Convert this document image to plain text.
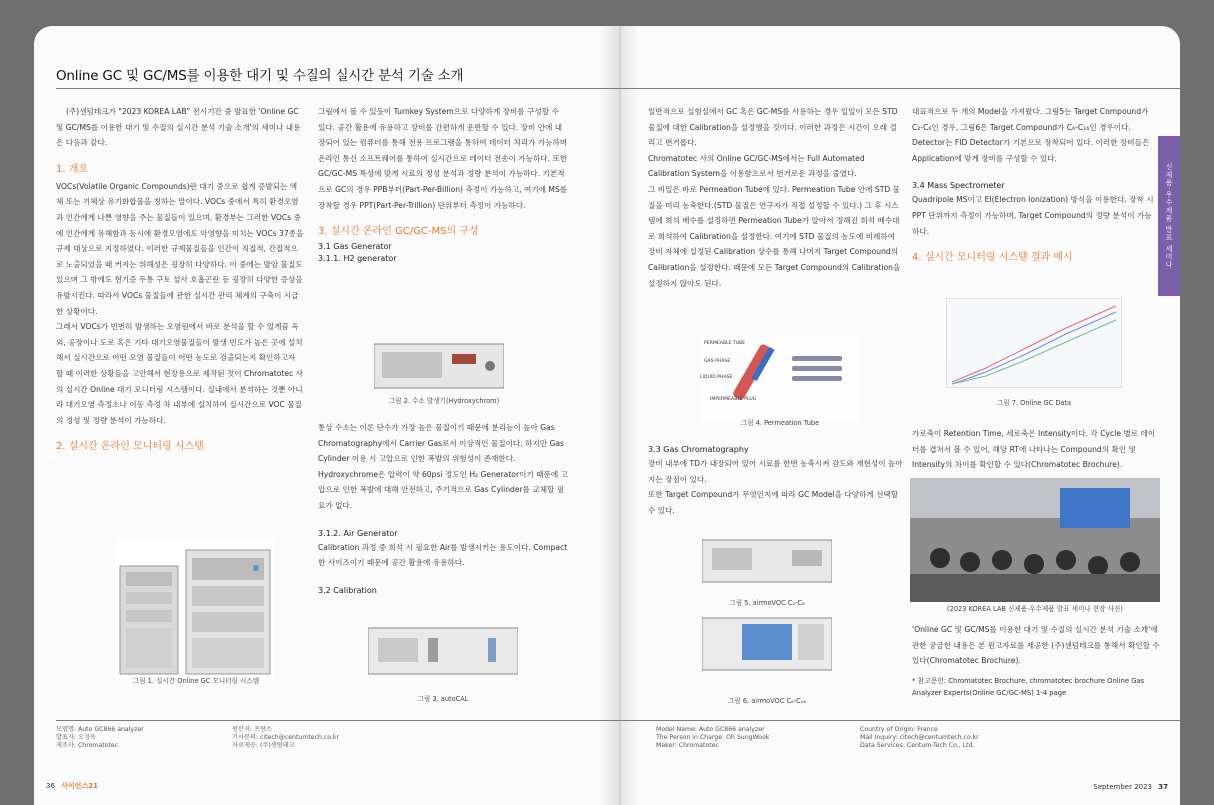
Online GC 및 GC/MS를 이용한 대기 및 수질의 실시간 분석 기술 소개

(주)센텀테크가 "2023 KOREA LAB" 전시기간 중 발표한 'Online GC 및 GC/MS를 이용한 대기 및 수질의 실시간 분석 기술 소개'의 세미나 내용은 다음과 같다.

1. 개요

VOCs(Volatile Organic Compounds)란 대기 중으로 쉽게 증발되는 액체 또는 기체상 유기화합물을 칭하는 말이다. VOCs 중에서 특히 환경오염과 인간에게 나쁜 영향을 주는 물질들이 있으며, 환경부는 그러한 VOCs 중에 인간에게 유해함과 동시에 환경오염에도 악영향을 미치는 VOCs 37종을 규제 대상으로 지정하였다. 이러한 규제물질들을 인간이 직접적, 간접적으로 노출되었을 때 커지는 위해성은 굉장히 다양하다. 이 중에는 발암 물질도 있으며 그 밖에도 현기증 두통 구토 설사 호흡곤란 등 굉장히 다양한 증상을 유발시킨다. 따라서 VOCs 물질들에 관한 실시간 관리 체계의 구축이 시급한 상황이다.

그래서 VOCs가 빈번히 발생하는 오염원에서 바로 분석을 할 수 있게끔 옥외, 공장이나 도로 혹은 기타 대기오염물질들이 발생 빈도가 높은 곳에 설치해서 실시간으로 어떤 오염 물질들이 어떤 농도로 검출되는지 확인하고자 할 때 이러한 상황들을 고안해서 현장용으로 제작된 것이 Chromatotec 사의 실시간 Online 대기 모니터링 시스템이다. 실내에서 분석하는 것뿐 아니라 대기오염 측정소나 이동 측정 차 내부에 설치하여 실시간으로 VOC 물질의 정성 및 정량 분석이 가능하다.

2. 실시간 온라인 모니터링 시스템

그림 1. 실시간 Online GC 모니터링 시스템

그림에서 볼 수 있듯이 Turnkey System으로 다양하게 장비를 구성할 수 있다. 공간 활용에 유용하고 장비를 간편하게 운반할 수 있다. 장비 안에 내장되어 있는 컴퓨터를 통해 전용 프로그램을 통하여 데이터 처리가 가능하며 온라인 통신 소프트웨어를 통하여 실시간으로 데이터 전송이 가능하다. 또한 GC/GC-MS 특성에 맞게 시료의 정성 분석과 정량 분석이 가능하다. 기본적으로 GC의 경우 PPB부터(Part-Per-Billion) 측정이 가능하고, 여기에 MS를 장착할 경우 PPT(Part-Per-Trillion) 단위부터 측정이 가능하다.

3. 실시간 온라인 GC/GC-MS의 구성

3.1 Gas Generator

3.1.1. H2 generator

그림 2. 수소 발생기(Hydroxychrom)

통상 수소는 이론 단수가 가장 높은 물질이기 때문에 분리능이 높아 Gas Chromatography에서 Carrier Gas로서 이상적인 물질이다. 하지만 Gas Cylinder 이용 시 고압으로 인한 폭발의 위험성이 존재한다. Hydroxychrome은 압력이 약 60psi 정도인 H₂ Generator이기 때문에 고압으로 인한 폭발에 대해 안전하고, 주기적으로 Gas Cylinder를 교체할 필요가 없다.

3.1.2. Air Generator

Calibration 과정 중 희석 시 필요한 Air를 발생시키는 용도이다. Compact한 사이즈이기 때문에 공간 활용에 유용하다.

3.2 Calibration

그림 3. autoCAL

일반적으로 실험실에서 GC 혹은 GC-MS를 사용하는 경우 일일이 모든 STD 물질에 대한 Calibration을 설정했을 것이다. 이러한 과정은 시간이 오래 걸리고 번거롭다.

Chromatotec 사의 Online GC/GC-MS에서는 Full Automated Calibration System을 이용함으로서 번거로운 과정을 줄였다.

그 비밀은 바로 Permeation Tube에 있다. Permeation Tube 안에 STD 물질을 미리 농축한다.(STD 물질은 연구자가 직접 설정할 수 있다.) 그 후 시스템에 희석 배수를 설정하면 Permeation Tube가 알아서 정해진 희석 배수대로 희석하여 Calibration을 설정한다. 여기에 STD 물질의 농도에 비례하여 장비 자체에 설정된 Calibration 상수를 통해 나머지 Target Compound의 Calibration을 설정한다. 때문에 모든 Target Compound의 Calibration을 설정하지 않아도 된다.

PERMEABLE TUBE
GAS PHASE
LIQUID PHASE
IMPERMEABLE PLUG
그림 4. Permeation Tube

3.3 Gas Chromatography

장비 내부에 TD가 내장되어 있어 시료를 한번 농축시켜 감도와 재현성이 높아지는 장점이 있다.

또한 Target Compound가 무엇인지에 따라 GC Model을 다양하게 선택할 수 있다.

그림 5. airmoVOC C₂-C₆
그림 6. airmoVOC C₆-C₁₆

대표적으로 두 개의 Model을 가져왔다. 그림5는 Target Compound가 C₂-C₆인 경우, 그림6은 Target Compound가 C₆-C₁₆인 경우이다. Detector는 FID Detector가 기본으로 장착되어 있다. 이러한 장비들은 Application에 맞게 장비를 구성할 수 있다.

3.4 Mass Spectrometer

Quadripole MS이고 EI(Electron Ionization) 방식을 이용한다. 장착 시 PPT 단위까지 측정이 가능하며, Target Compound의 정량 분석이 가능하다.

4. 실시간 모니터링 시스템 결과 예시

그림 7. Online GC Data

가로축이 Retention Time, 세로축은 Intensity이다. 각 Cycle 별로 데이터를 겹쳐서 볼 수 있어, 해당 RT에 나타나는 Compound의 확인 및 Intensity의 차이를 확인할 수 있다(Chromatotec Brochure).

(2023 KOREA LAB 신제품·우수제품 발표 세미나 현장 사진)

'Online GC 및 GC/MS를 이용한 대기 및 수질의 실시간 분석 기술 소개'에 관한 궁금한 내용은 본 원고자료를 제공한 (주)센텀테크를 통해서 확인할 수 있다(Chromatotec Brochure).

* 참고문헌: Chromatotec Brochure, chromatotec brochure Online Gas Analyzer Experts(Online GC/GC-MS) 1-4 page

신제품·우수제품 발표 세미나
모델명: Auto GC866 analyzer
발표자: 오성욱
제조사: Chromatotec
원산지: 프랑스
기사문의: citech@centumtech.co.kr
자료제공: (주)센텀테크
Model Name: Auto GC866 analyzer
The Person in Charge: Oh SungWook
Maker: Chromatotec
Country of Origin: France
Mail Inquiry: citech@centumtech.co.kr
Data Services: Centum-Tech Co., Ltd.
36 사이언스21	September 2023 37
